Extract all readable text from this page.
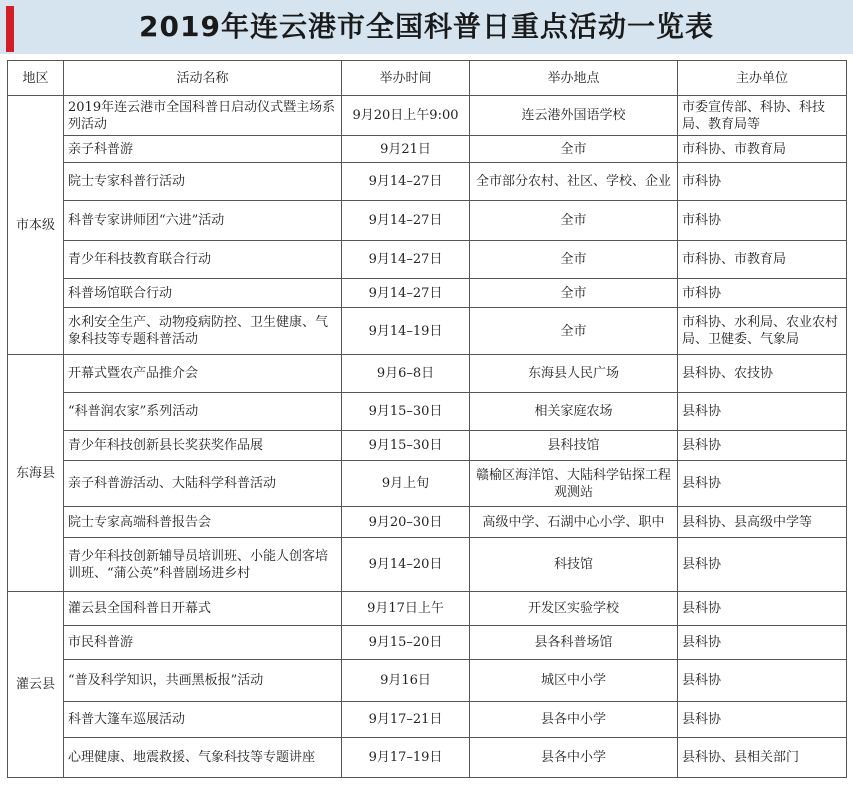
2019年连云港市全国科普日重点活动一览表
地区	活动名称	举办时间	举办地点	主办单位
市本级	2019年连云港市全国科普日启动仪式暨主场系列活动	9月20日上午9:00	连云港外国语学校	市委宣传部、科协、科技局、教育局等
	亲子科普游	9月21日	全市	市科协、市教育局
	院士专家科普行活动	9月14–27日	全市部分农村、社区、学校、企业	市科协
	科普专家讲师团“六进”活动	9月14–27日	全市	市科协
	青少年科技教育联合行动	9月14–27日	全市	市科协、市教育局
	科普场馆联合行动	9月14–27日	全市	市科协
	水利安全生产、动物疫病防控、卫生健康、气象科技等专题科普活动	9月14–19日	全市	市科协、水利局、农业农村局、卫健委、气象局
东海县	开幕式暨农产品推介会	9月6–8日	东海县人民广场	县科协、农技协
	“科普润农家”系列活动	9月15–30日	相关家庭农场	县科协
	青少年科技创新县长奖获奖作品展	9月15–30日	县科技馆	县科协
	亲子科普游活动、大陆科学科普活动	9月上旬	赣榆区海洋馆、大陆科学钻探工程观测站	县科协
	院士专家高端科普报告会	9月20–30日	高级中学、石湖中心小学、职中	县科协、县高级中学等
	青少年科技创新辅导员培训班、小能人创客培训班、“蒲公英”科普剧场进乡村	9月14–20日	科技馆	县科协
灌云县	灌云县全国科普日开幕式	9月17日上午	开发区实验学校	县科协
	市民科普游	9月15–20日	县各科普场馆	县科协
	“普及科学知识，共画黑板报”活动	9月16日	城区中小学	县科协
	科普大篷车巡展活动	9月17–21日	县各中小学	县科协
	心理健康、地震救援、气象科技等专题讲座	9月17–19日	县各中小学	县科协、县相关部门
